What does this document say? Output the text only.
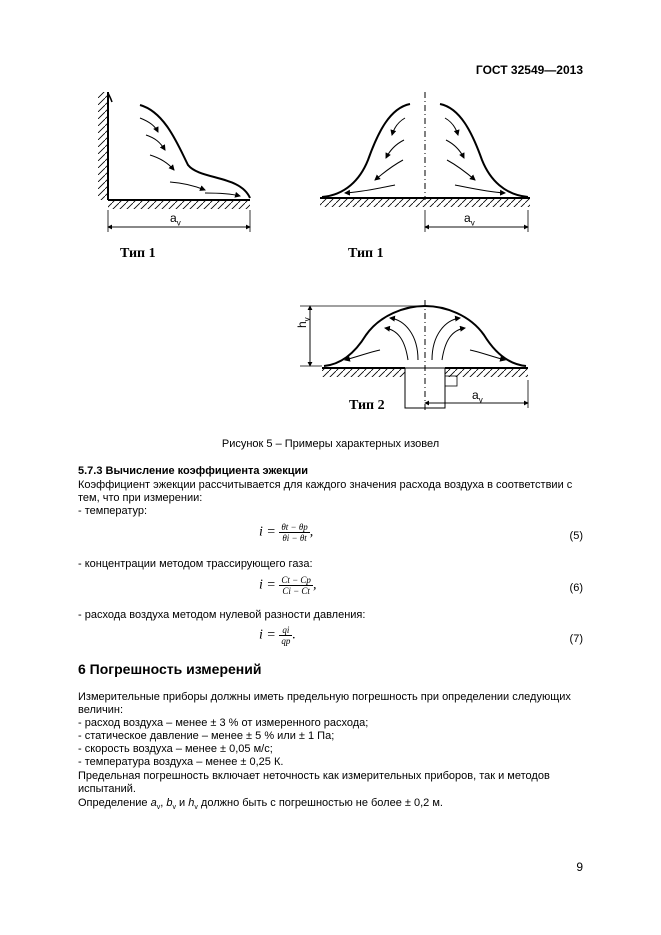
ГОСТ 32549—2013
$a_v$	$a_v$
$a_v$
$h_v$
Тип 1	Тип 1
Тип 2
Рисунок 5 – Примеры характерных изовел
5.7.3 Вычисление коэффициента эжекции
Коэффициент эжекции рассчитывается для каждого значения расхода воздуха в соответствии с
тем, что при измерении:
- температур:
$i = \frac{\theta t - \theta p}{\theta i - \theta t}$ ,	(5)
- концентрации методом трассирующего газа:
$i = \frac{Ct - Cp}{Ci - Ct}$ ,	(6)
- расхода воздуха методом нулевой разности давления:
$i = \frac{qi}{qp}$ .	(7)
6 Погрешность измерений
Измерительные приборы должны иметь предельную погрешность при определении следующих
величин:
- расход воздуха – менее ± 3 % от измеренного расхода;
- статическое давление – менее ± 5 % или ± 1 Па;
- скорость воздуха – менее ± 0,05 м/с;
- температура воздуха – менее ± 0,25 К.
Предельная погрешность включает неточность как измерительных приборов, так и методов
испытаний.
Определение $a_v$, $b_v$ и $h_v$ должно быть с погрешностью не более ± 0,2 м.
9
